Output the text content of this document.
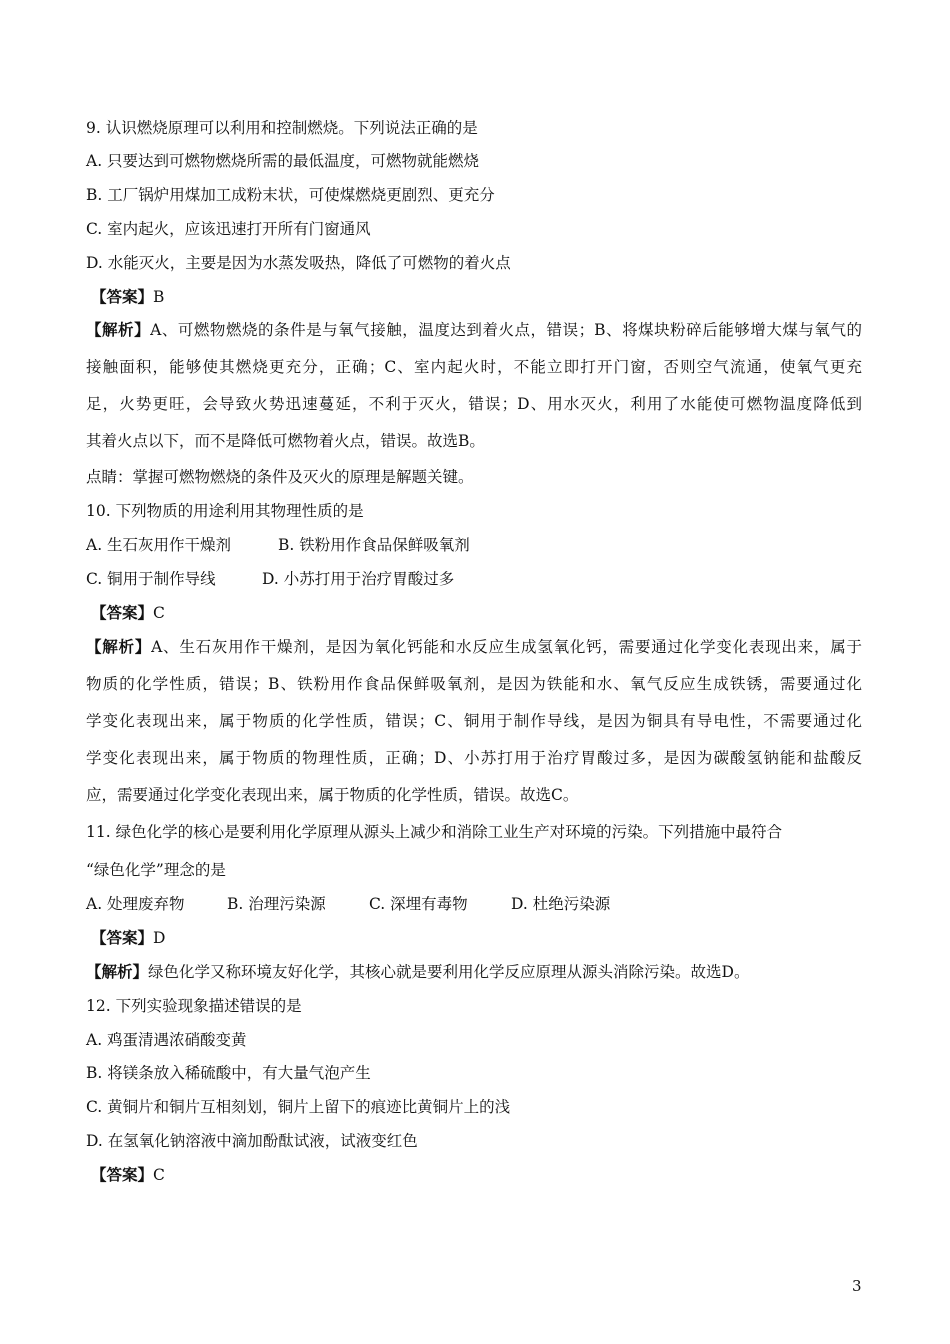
9. 认识燃烧原理可以利用和控制燃烧。下列说法正确的是
A. 只要达到可燃物燃烧所需的最低温度，可燃物就能燃烧
B. 工厂锅炉用煤加工成粉末状，可使煤燃烧更剧烈、更充分
C. 室内起火，应该迅速打开所有门窗通风
D. 水能灭火，主要是因为水蒸发吸热，降低了可燃物的着火点
【答案】B
【解析】A、可燃物燃烧的条件是与氧气接触，温度达到着火点，错误；B、将煤块粉碎后能够增大煤与氧气的
接触面积，能够使其燃烧更充分，正确；C、室内起火时，不能立即打开门窗，否则空气流通，使氧气更充
足，火势更旺，会导致火势迅速蔓延，不利于灭火，错误；D、用水灭火，利用了水能使可燃物温度降低到
其着火点以下，而不是降低可燃物着火点，错误。故选B。
点睛：掌握可燃物燃烧的条件及灭火的原理是解题关键。
10. 下列物质的用途利用其物理性质的是
A. 生石灰用作干燥剂	B. 铁粉用作食品保鲜吸氧剂
C. 铜用于制作导线	D. 小苏打用于治疗胃酸过多
【答案】C
【解析】A、生石灰用作干燥剂，是因为氧化钙能和水反应生成氢氧化钙，需要通过化学变化表现出来，属于
物质的化学性质，错误；B、铁粉用作食品保鲜吸氧剂，是因为铁能和水、氧气反应生成铁锈，需要通过化
学变化表现出来，属于物质的化学性质，错误；C、铜用于制作导线，是因为铜具有导电性，不需要通过化
学变化表现出来，属于物质的物理性质，正确；D、小苏打用于治疗胃酸过多，是因为碳酸氢钠能和盐酸反
应，需要通过化学变化表现出来，属于物质的化学性质，错误。故选C。
11. 绿色化学的核心是要利用化学原理从源头上减少和消除工业生产对环境的污染。下列措施中最符合
“绿色化学”理念的是
A. 处理废弃物	B. 治理污染源	C. 深埋有毒物	D. 杜绝污染源
【答案】D
【解析】绿色化学又称环境友好化学，其核心就是要利用化学反应原理从源头消除污染。故选D。
12. 下列实验现象描述错误的是
A. 鸡蛋清遇浓硝酸变黄
B. 将镁条放入稀硫酸中，有大量气泡产生
C. 黄铜片和铜片互相刻划，铜片上留下的痕迹比黄铜片上的浅
D. 在氢氧化钠溶液中滴加酚酞试液，试液变红色
【答案】C
3
